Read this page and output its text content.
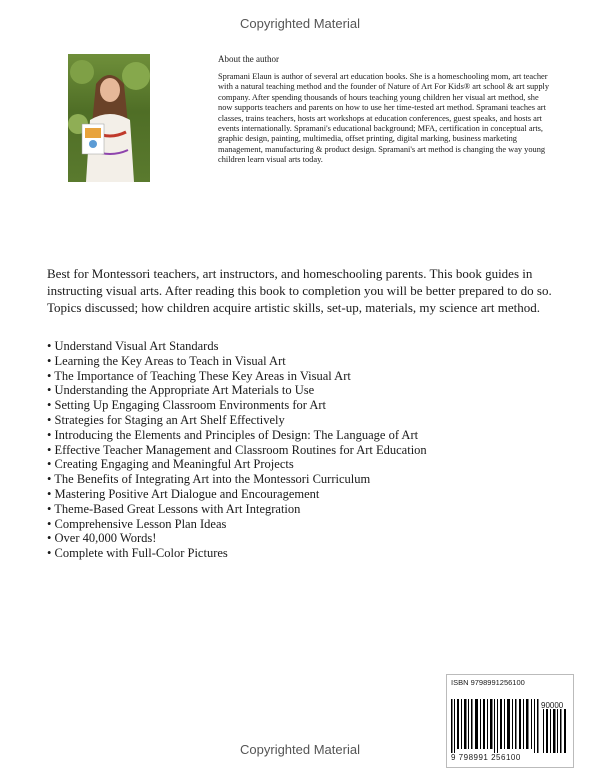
Copyrighted Material
About the author

Spramani Elaun is author of several art education books. She is a homeschooling mom, art teacher with a natural teaching method and the founder of Nature of Art For Kids® art school & art supply company. After spending thousands of hours teaching young children her visual art method, she now supports teachers and parents on how to use her time-tested art method. Spramani teaches art classes, trains teachers, hosts art workshops at education conferences, guest speaks, and hosts art events internationally. Spramani's educational background; MFA, certification in conceptual arts, graphic design, painting, multimedia, offset printing, digital marking, business marketing management, manufacturing & product design. Spramani's art method is changing the way young children learn visual arts today.

Best for Montessori teachers, art instructors, and homeschooling parents. This book guides in instructing visual arts. After reading this book to completion you will be better prepared to do so. Topics discussed; how children acquire artistic skills, set-up, materials, my science art method.

• Understand Visual Art Standards
• Learning the Key Areas to Teach in Visual Art
• The Importance of Teaching These Key Areas in Visual Art
• Understanding the Appropriate Art Materials to Use
• Setting Up Engaging Classroom Environments for Art
• Strategies for Staging an Art Shelf Effectively
• Introducing the Elements and Principles of Design: The Language of Art
• Effective Teacher Management and Classroom Routines for Art Education
• Creating Engaging and Meaningful Art Projects
• The Benefits of Integrating Art into the Montessori Curriculum
• Mastering Positive Art Dialogue and Encouragement
• Theme-Based Great Lessons with Art Integration
• Comprehensive Lesson Plan Ideas
• Over 40,000 Words!
• Complete with Full-Color Pictures
ISBN 9798991256100
90000
9 798991 256100
Copyrighted Material
